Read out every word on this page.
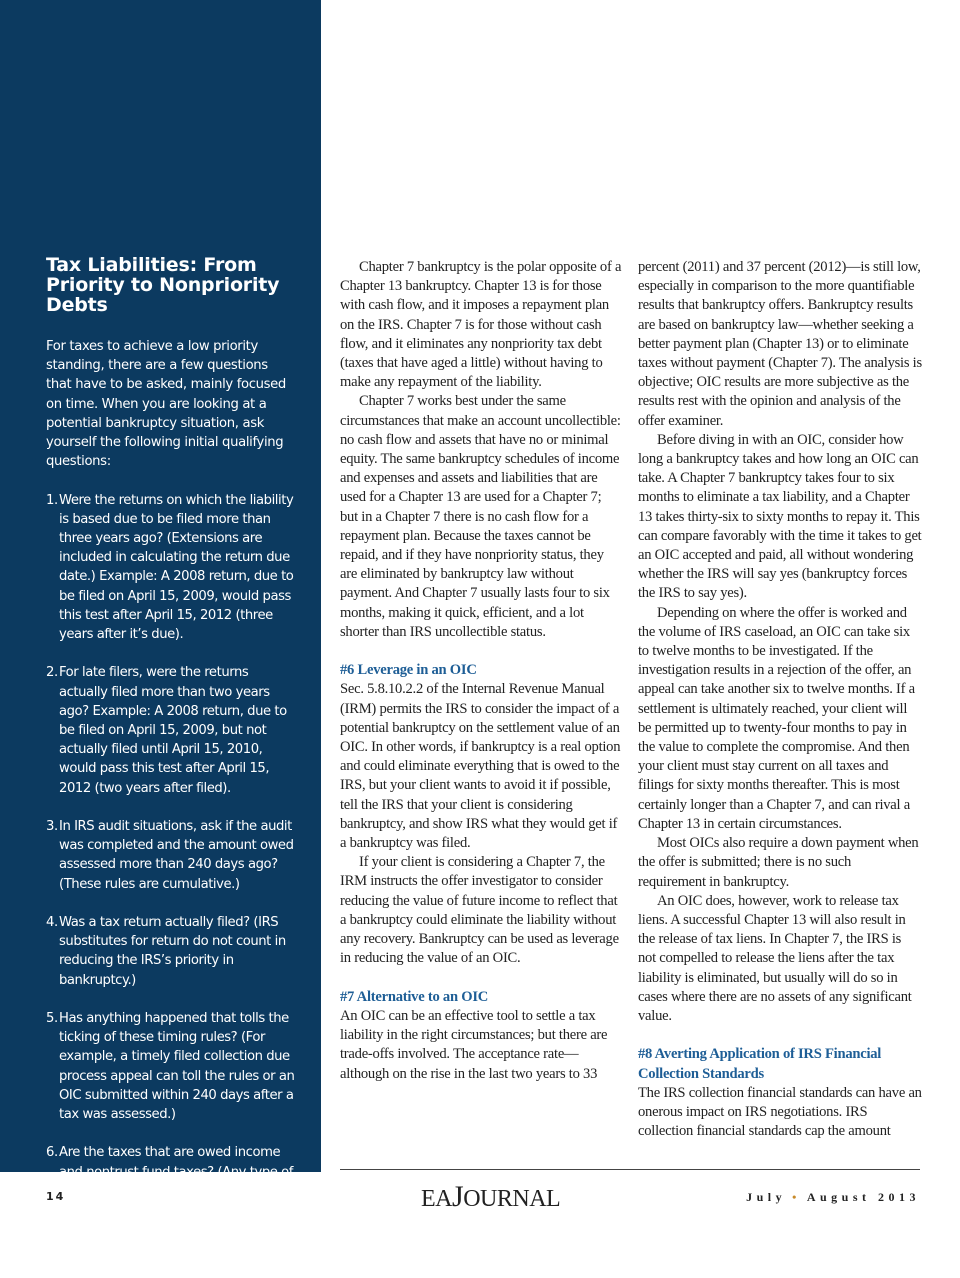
Tax Liabilities: From Priority to Nonpriority Debts

For taxes to achieve a low priority standing, there are a few questions that have to be asked, mainly focused on time. When you are looking at a potential bankruptcy situation, ask yourself the following initial qualifying questions:

1.Were the returns on which the liability is based due to be filed more than three years ago? (Extensions are included in calculating the return due date.) Example: A 2008 return, due to be filed on April 15, 2009, would pass this test after April 15, 2012 (three years after it’s due).
2.For late filers, were the returns actually filed more than two years ago? Example: A 2008 return, due to be filed on April 15, 2009, but not actually filed until April 15, 2010, would pass this test after April 15, 2012 (two years after filed).
3.In IRS audit situations, ask if the audit was completed and the amount owed assessed more than 240 days ago? (These rules are cumulative.)
4.Was a tax return actually filed? (IRS substitutes for return do not count in reducing the IRS’s priority in bankruptcy.)
5.Has anything happened that tolls the ticking of these timing rules? (For example, a timely filed collection due process appeal can toll the rules or an OIC submitted within 240 days after a tax was assessed.)
6.Are the taxes that are owed income and nontrust fund taxes? (Any type of trust fund tax—including the trust fund portion of withheld employment taxes—disqualifies taxes for nonpriority treatment; the taxes must be income or nontrust fund.)

Chapter 7 bankruptcy is the polar opposite of a Chapter 13 bankruptcy. Chapter 13 is for those with cash flow, and it imposes a repayment plan on the IRS. Chapter 7 is for those without cash flow, and it eliminates any nonpriority tax debt (taxes that have aged a little) without having to make any repayment of the liability.

Chapter 7 works best under the same circumstances that make an account uncollectible: no cash flow and assets that have no or minimal equity. The same bankruptcy schedules of income and expenses and assets and liabilities that are used for a Chapter 13 are used for a Chapter 7; but in a Chapter 7 there is no cash flow for a repayment plan. Because the taxes cannot be repaid, and if they have nonpriority status, they are eliminated by bankruptcy law without payment. And Chapter 7 usually lasts four to six months, making it quick, efficient, and a lot shorter than IRS uncollectible status.

#6 Leverage in an OIC

Sec. 5.8.10.2.2 of the Internal Revenue Manual (IRM) permits the IRS to consider the impact of a potential bankruptcy on the settlement value of an OIC. In other words, if bankruptcy is a real option and could eliminate everything that is owed to the IRS, but your client wants to avoid it if possible, tell the IRS that your client is considering bankruptcy, and show IRS what they would get if a bankruptcy was filed.

If your client is considering a Chapter 7, the IRM instructs the offer investigator to consider reducing the value of future income to reflect that a bankruptcy could eliminate the liability without any recovery. Bankruptcy can be used as leverage in reducing the value of an OIC.

#7 Alternative to an OIC

An OIC can be an effective tool to settle a tax liability in the right circumstances; but there are trade-offs involved. The acceptance rate—although on the rise in the last two years to 33

percent (2011) and 37 percent (2012)—is still low, especially in comparison to the more quantifiable results that bankruptcy offers. Bankruptcy results are based on bankruptcy law—whether seeking a better payment plan (Chapter 13) or to eliminate taxes without payment (Chapter 7). The analysis is objective; OIC results are more subjective as the results rest with the opinion and analysis of the offer examiner.

Before diving in with an OIC, consider how long a bankruptcy takes and how long an OIC can take. A Chapter 7 bankruptcy takes four to six months to eliminate a tax liability, and a Chapter 13 takes thirty-six to sixty months to repay it. This can compare favorably with the time it takes to get an OIC accepted and paid, all without wondering whether the IRS will say yes (bankruptcy forces the IRS to say yes).

Depending on where the offer is worked and the volume of IRS caseload, an OIC can take six to twelve months to be investigated. If the investigation results in a rejection of the offer, an appeal can take another six to twelve months. If a settlement is ultimately reached, your client will be permitted up to twenty-four months to pay in the value to complete the compromise. And then your client must stay current on all taxes and filings for sixty months thereafter. This is most certainly longer than a Chapter 7, and can rival a Chapter 13 in certain circumstances.

Most OICs also require a down payment when the offer is submitted; there is no such requirement in bankruptcy.

An OIC does, however, work to release tax liens. A successful Chapter 13 will also result in the release of tax liens. In Chapter 7, the IRS is not compelled to release the liens after the tax liability is eliminated, but usually will do so in cases where there are no assets of any significant value.

#8 Averting Application of IRS Financial Collection Standards

The IRS collection financial standards can have an onerous impact on IRS negotiations. IRS collection financial standards cap the amount

14	EAJOURNAL	July • August 2013
